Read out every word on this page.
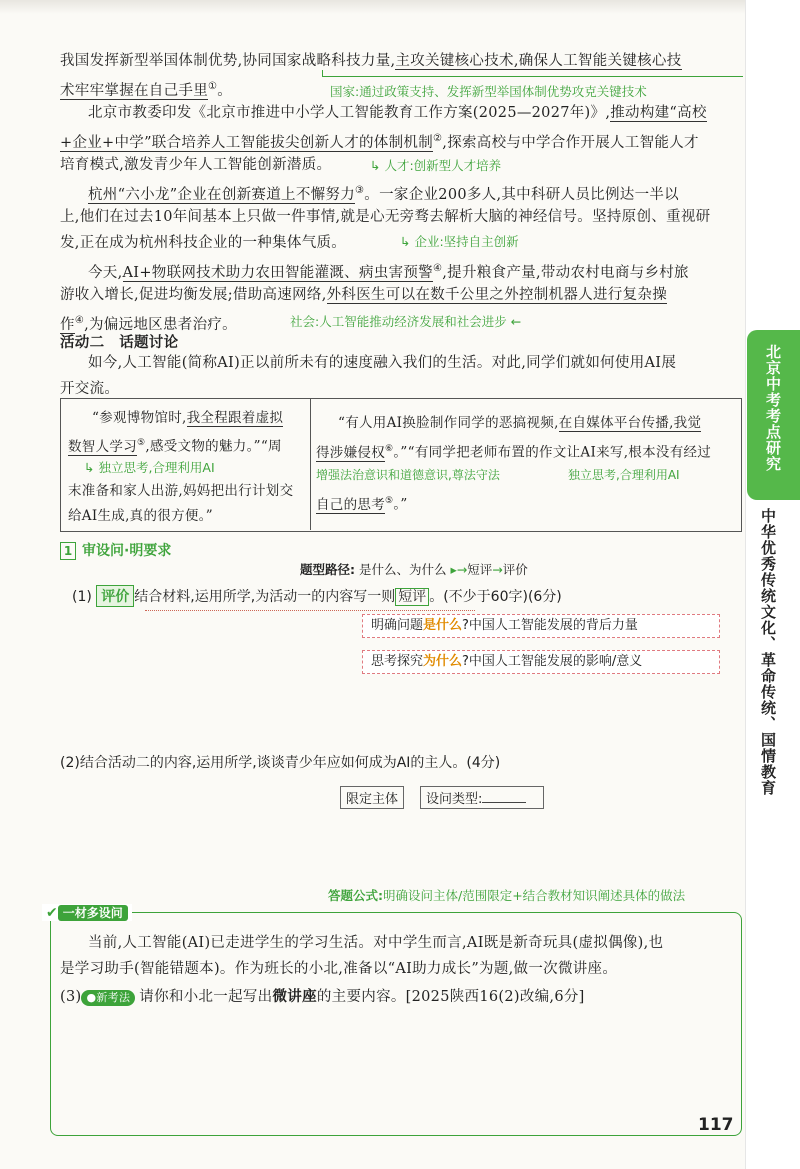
我国发挥新型举国体制优势,协同国家战略科技力量,主攻关键核心技术,确保人工智能关键核心技
术牢牢掌握在自己手里①。	国家:通过政策支持、发挥新型举国体制优势攻克关键技术
北京市教委印发《北京市推进中小学人工智能教育工作方案(2025—2027年)》,推动构建“高校
+企业+中学”联合培养人工智能拔尖创新人才的体制机制②,探索高校与中学合作开展人工智能人才
培育模式,激发青少年人工智能创新潜质。	↳ 人才:创新型人才培养
杭州“六小龙”企业在创新赛道上不懈努力③。一家企业200多人,其中科研人员比例达一半以
上,他们在过去10年间基本上只做一件事情,就是心无旁骛去解析大脑的神经信号。坚持原创、重视研
发,正在成为杭州科技企业的一种集体气质。	↳ 企业:坚持自主创新
今天,AI+物联网技术助力农田智能灌溉、病虫害预警④,提升粮食产量,带动农村电商与乡村旅
游收入增长,促进均衡发展;借助高速网络,外科医生可以在数千公里之外控制机器人进行复杂操
作④,为偏远地区患者治疗。	社会:人工智能推动经济发展和社会进步 ←
活动二　话题讨论
如今,人工智能(简称AI)正以前所未有的速度融入我们的生活。对此,同学们就如何使用AI展
开交流。
“参观博物馆时,我全程跟着虚拟
数智人学习⑤,感受文物的魅力。”“周
↳ 独立思考,合理利用AI
末准备和家人出游,妈妈把出行计划交
给AI生成,真的很方便。”
“有人用AI换脸制作同学的恶搞视频,在自媒体平台传播,我觉
得涉嫌侵权⑥。”“有同学把老师布置的作文让AI来写,根本没有经过
增强法治意识和道德意识,尊法守法	独立思考,合理利用AI
自己的思考⑤。”
1 审设问·明要求
题型路径: 是什么、为什么 ▸→短评→评价
(1) 评价 结合材料,运用所学,为活动一的内容写一则 短评 。(不少于60字)(6分)
明确问题是什么?中国人工智能发展的背后力量
思考探究为什么?中国人工智能发展的影响/意义
(2)结合活动二的内容,运用所学,谈谈青少年应如何成为AI的主人。(4分)
限定主体	设问类型:
答题公式:明确设问主体/范围限定+结合教材知识阐述具体的做法
✔ 一材多设问
当前,人工智能(AI)已走进学生的学习生活。对中学生而言,AI既是新奇玩具(虚拟偶像),也
是学习助手(智能错题本)。作为班长的小北,准备以“AI助力成长”为题,做一次微讲座。
(3) ●新考法 请你和小北一起写出微讲座的主要内容。[2025陕西16(2)改编,6分]
117
北京中考考点研究
中华优秀传统文化、革命传统、国情教育
